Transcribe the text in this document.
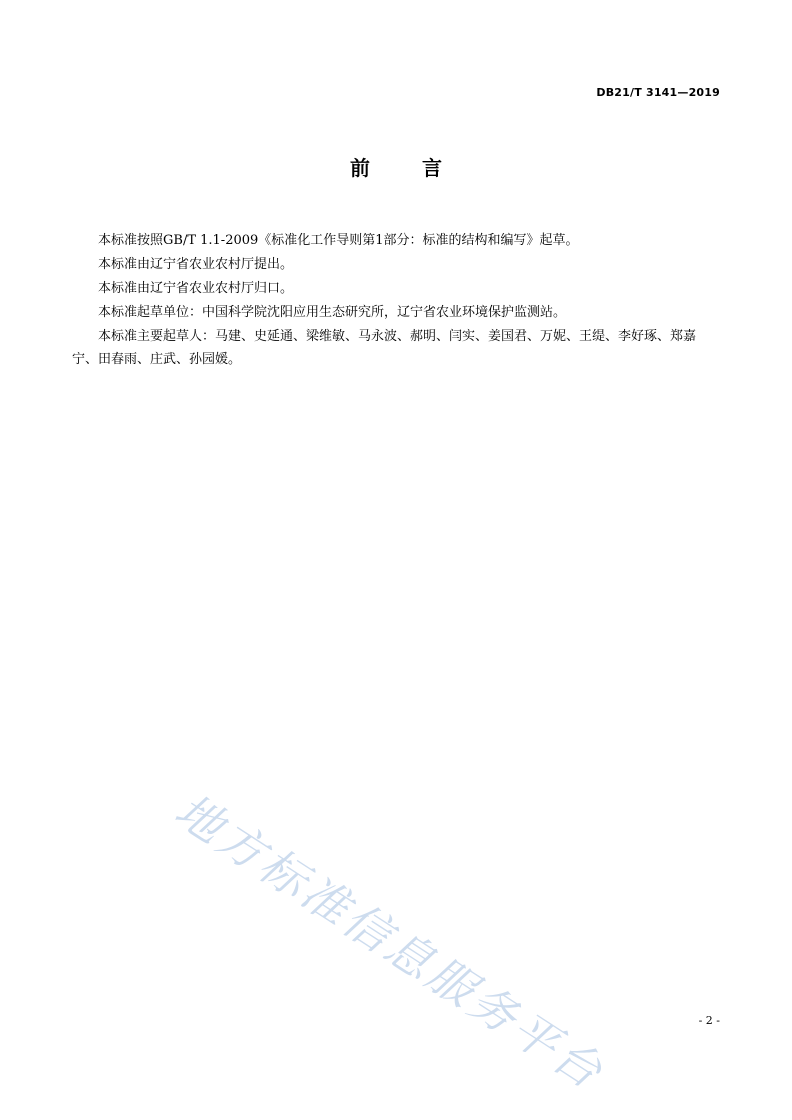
DB21/T 3141—2019
前	言

本标准按照GB/T 1.1-2009《标准化工作导则第1部分：标准的结构和编写》起草。

本标准由辽宁省农业农村厅提出。

本标准由辽宁省农业农村厅归口。

本标准起草单位：中国科学院沈阳应用生态研究所，辽宁省农业环境保护监测站。

本标准主要起草人：马建、史延通、梁维敏、马永波、郝明、闫实、姜国君、万妮、王缇、李好琢、郑嘉宁、田春雨、庄武、孙园媛。

地方标准信息服务平台	- 2 -
